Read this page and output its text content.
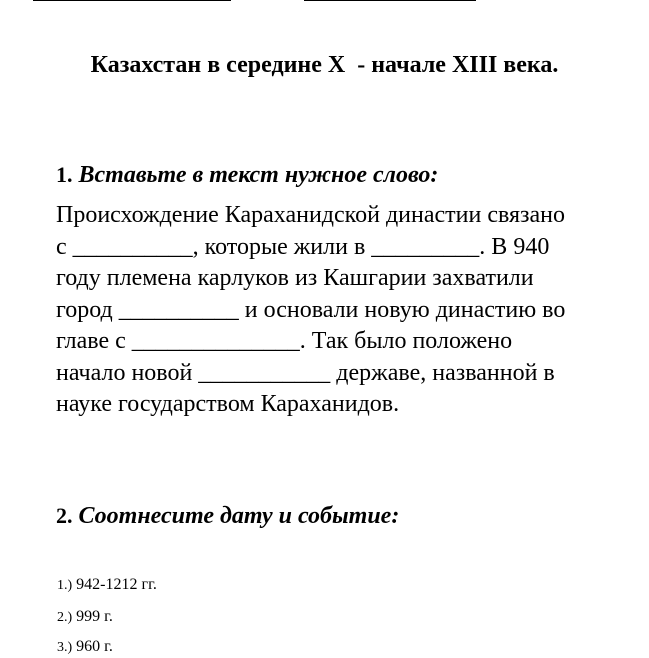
Казахстан в середине X  - начале XIII века.
1. Вставьте в текст нужное слово:
Происхождение Караханидской династии связано
с __________, которые жили в _________. В 940
году племена карлуков из Кашгарии захватили
город __________ и основали новую династию во
главе с ______________. Так было положено
начало новой ___________ державе, названной в
науке государством Караханидов.
2. Соотнесите дату и событие:
1.) 942-1212 гг.
2.) 999 г.
3.) 960 г.
